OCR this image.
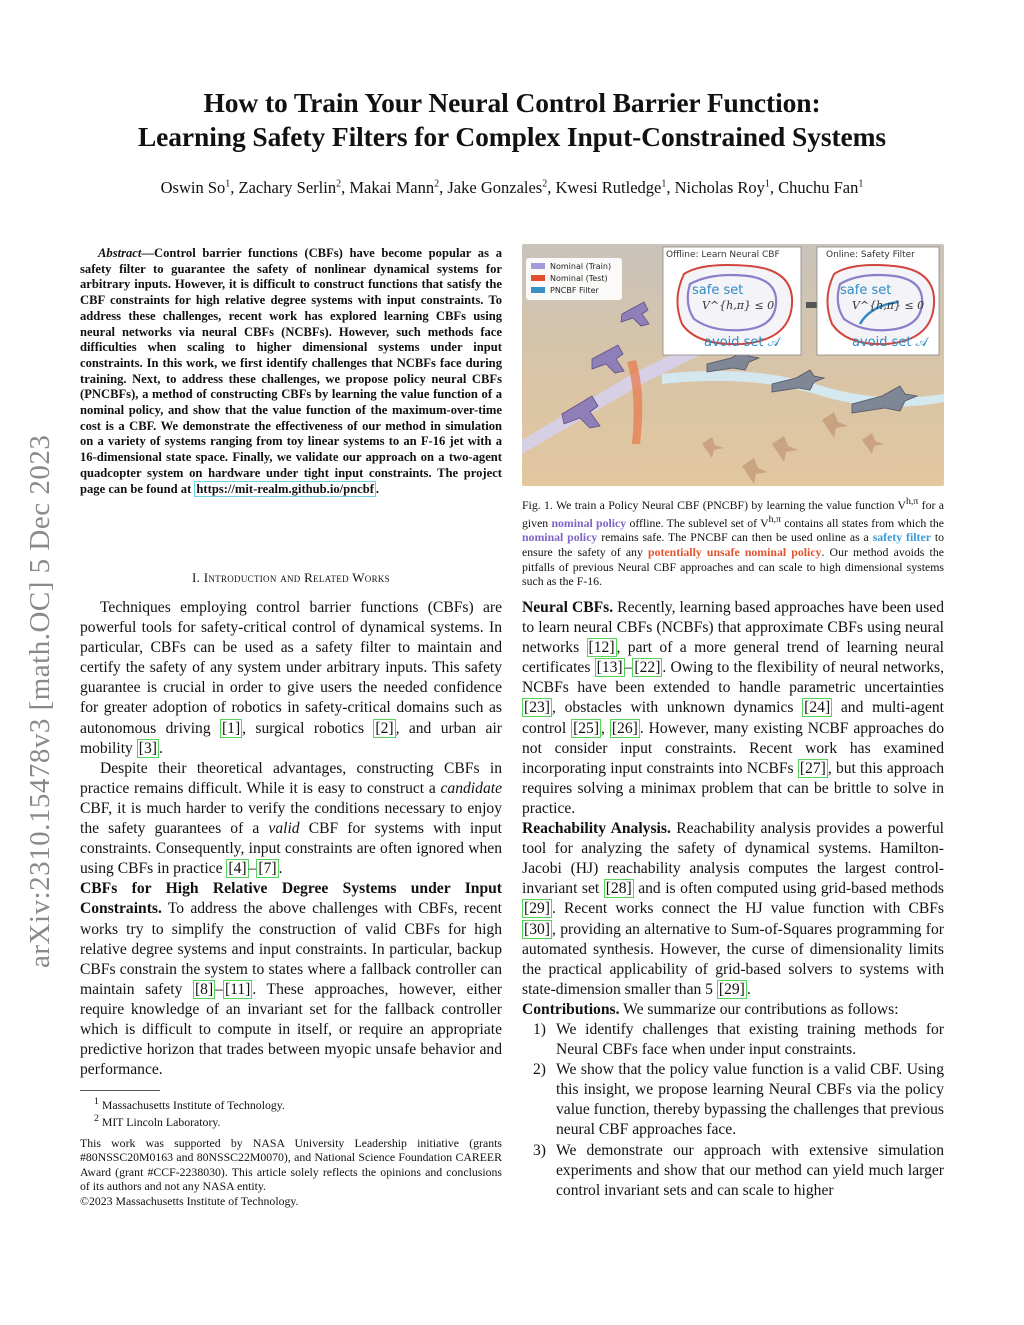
How to Train Your Neural Control Barrier Function:
Learning Safety Filters for Complex Input-Constrained Systems
Oswin So$^1$, Zachary Serlin$^2$, Makai Mann$^2$, Jake Gonzales$^2$, Kwesi Rutledge$^1$, Nicholas Roy$^1$, Chuchu Fan$^1$
arXiv:2310.15478v3 [math.OC] 5 Dec 2023
Abstract—Control barrier functions (CBFs) have become popular as a safety filter to guarantee the safety of nonlinear dynamical systems for arbitrary inputs. However, it is difficult to construct functions that satisfy the CBF constraints for high relative degree systems with input constraints. To address these challenges, recent work has explored learning CBFs using neural networks via neural CBFs (NCBFs). However, such methods face difficulties when scaling to higher dimensional systems under input constraints. In this work, we first identify challenges that NCBFs face during training. Next, to address these challenges, we propose policy neural CBFs (PNCBFs), a method of constructing CBFs by learning the value function of a nominal policy, and show that the value function of the maximum-over-time cost is a CBF. We demonstrate the effectiveness of our method in simulation on a variety of systems ranging from toy linear systems to an F-16 jet with a 16-dimensional state space. Finally, we validate our approach on a two-agent quadcopter system on hardware under tight input constraints. The project page can be found at https://mit-realm.github.io/pncbf .
I. Introduction and Related Works

Techniques employing control barrier functions (CBFs) are powerful tools for safety-critical control of dynamical systems. In particular, CBFs can be used as a safety filter to maintain and certify the safety of any system under arbitrary inputs. This safety guarantee is crucial in order to give users the needed confidence for greater adoption of robotics in safety-critical domains such as autonomous driving [1] , surgical robotics [2] , and urban air mobility [3] .

Despite their theoretical advantages, constructing CBFs in practice remains difficult. While it is easy to construct a candidate CBF, it is much harder to verify the conditions necessary to enjoy the safety guarantees of a valid CBF for systems with input constraints. Consequently, input constraints are often ignored when using CBFs in practice [4] – [7] .

CBFs for High Relative Degree Systems under Input Constraints. To address the above challenges with CBFs, recent works try to simplify the construction of valid CBFs for high relative degree systems and input constraints. In particular, backup CBFs constrain the system to states where a fallback controller can maintain safety [8] – [11] . These approaches, however, either require knowledge of an invariant set for the fallback controller which is difficult to compute in itself, or require an appropriate predictive horizon that trades between myopic unsafe behavior and performance.

$^1$ Massachusetts Institute of Technology.

$^2$ MIT Lincoln Laboratory.

This work was supported by NASA University Leadership initiative (grants #80NSSC20M0163 and 80NSSC22M0070), and National Science Foundation CAREER Award (grant #CCF-2238030). This article solely reflects the opinions and conclusions of its authors and not any NASA entity.

©2023 Massachusetts Institute of Technology.

Nominal (Train)
Nominal (Test)
PNCBF Filter
Offline: Learn Neural CBF
safe set
V^{h,π} ≤ 0
avoid set 𝒜
Online: Safety Filter
safe set
V^{h,π} ≤ 0
avoid set 𝒜
Fig. 1. We train a Policy Neural CBF (PNCBF) by learning the value function $V^{h,\pi}$ for a given nominal policy offline. The sublevel set of $V^{h,\pi}$ contains all states from which the nominal policy remains safe. The PNCBF can then be used online as a safety filter to ensure the safety of any potentially unsafe nominal policy. Our method avoids the pitfalls of previous Neural CBF approaches and can scale to high dimensional systems such as the F-16.

Neural CBFs. Recently, learning based approaches have been used to learn neural CBFs (NCBFs) that approximate CBFs using neural networks [12] , part of a more general trend of learning neural certificates [13] – [22] . Owing to the flexibility of neural networks, NCBFs have been extended to handle parametric uncertainties [23] , obstacles with unknown dynamics [24] and multi-agent control [25] , [26] . However, many existing NCBF approaches do not consider input constraints. Recent work has examined incorporating input constraints into NCBFs [27] , but this approach requires solving a minimax problem that can be brittle to solve in practice.

Reachability Analysis. Reachability analysis provides a powerful tool for analyzing the safety of dynamical systems. Hamilton-Jacobi (HJ) reachability analysis computes the largest control-invariant set [28] and is often computed using grid-based methods [29] . Recent works connect the HJ value function with CBFs [30] , providing an alternative to Sum-of-Squares programming for automated synthesis. However, the curse of dimensionality limits the practical applicability of grid-based solvers to systems with state-dimension smaller than 5 [29] .

Contributions. We summarize our contributions as follows:

1) We identify challenges that existing training methods for Neural CBFs face when under input constraints.
2) We show that the policy value function is a valid CBF. Using this insight, we propose learning Neural CBFs via the policy value function, thereby bypassing the challenges that previous neural CBF approaches face.
3) We demonstrate our approach with extensive simulation experiments and show that our method can yield much larger control invariant sets and can scale to higher
